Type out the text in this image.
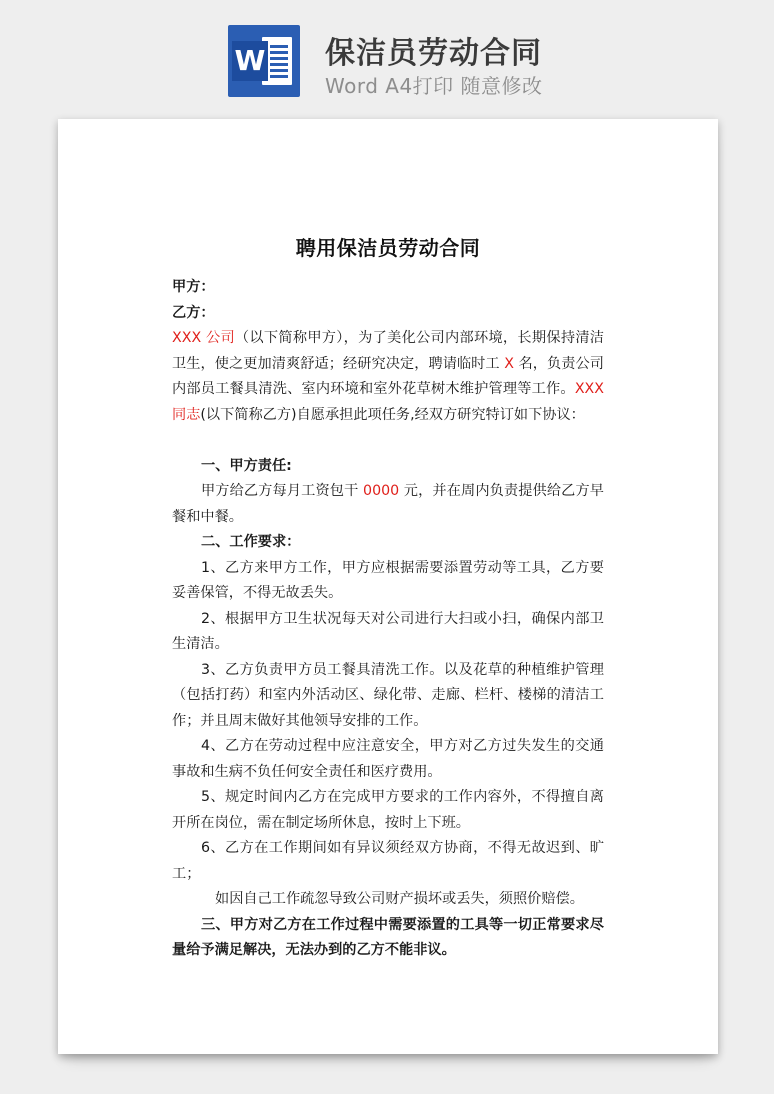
W 保洁员劳动合同
Word A4打印 随意修改
聘用保洁员劳动合同

甲方：

乙方：

XXX 公司（以下简称甲方），为了美化公司内部环境，长期保持清洁卫生，使之更加清爽舒适；经研究决定，聘请临时工 X 名，负责公司内部员工餐具清洗、室内环境和室外花草树木维护管理等工作。XXX 同志(以下简称乙方)自愿承担此项任务,经双方研究特订如下协议：

一、甲方责任:

甲方给乙方每月工资包干 0000 元，并在周内负责提供给乙方早餐和中餐。

二、工作要求：

1、乙方来甲方工作，甲方应根据需要添置劳动等工具，乙方要妥善保管，不得无故丢失。

2、根据甲方卫生状况每天对公司进行大扫或小扫，确保内部卫生清洁。

3、乙方负责甲方员工餐具清洗工作。以及花草的种植维护管理（包括打药）和室内外活动区、绿化带、走廊、栏杆、楼梯的清洁工作；并且周末做好其他领导安排的工作。

4、乙方在劳动过程中应注意安全，甲方对乙方过失发生的交通事故和生病不负任何安全责任和医疗费用。

5、规定时间内乙方在完成甲方要求的工作内容外，不得擅自离开所在岗位，需在制定场所休息，按时上下班。

6、乙方在工作期间如有异议须经双方协商，不得无故迟到、旷工；

如因自己工作疏忽导致公司财产损坏或丢失，须照价赔偿。

三、甲方对乙方在工作过程中需要添置的工具等一切正常要求尽量给予满足解决，无法办到的乙方不能非议。
